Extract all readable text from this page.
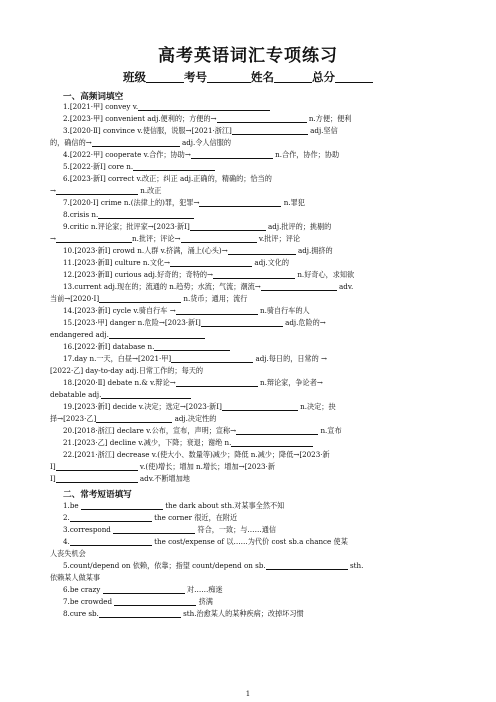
高考英语词汇专项练习
班级	考号	姓名	总分
一、高频词填空
1.[2021·甲] convey v.
2.[2023·甲] convenient adj.便利的；方便的→	n.方便；便利
3.[2020·Ⅱ] convince v.使信服，说服→[2021·浙江]	adj.坚信
的，确信的→	adj.令人信服的
4.[2022·甲] cooperate v.合作；协助→	n.合作，协作；协助
5.[2022·新Ⅰ] core n.
6.[2023·新Ⅰ] correct v.改正；纠正 adj.正确的，精确的；恰当的
→	n.改正
7.[2020·Ⅰ] crime n.(法律上的)罪，犯罪→	n.罪犯
8.crisis n.
9.critic n.评论家；批评家→[2023·新Ⅰ]	adj.批评的；挑剔的
→	n.批评；评论→	v.批评；评论
10.[2023·新Ⅰ] crowd n.人群 v.挤满，涌上(心头)→	adj.拥挤的
11.[2023·新Ⅱ] culture n.文化→	adj.文化的
12.[2023·新Ⅱ] curious adj.好奇的；奇特的→	n.好奇心，求知欲
13.current adj.现在的；流通的 n.趋势；水流；气流；潮流→	adv.
当前→[2020·Ⅰ]	n.货币；通用；流行
14.[2023·新Ⅰ] cycle v.骑自行车 →	n.骑自行车的人
15.[2023·甲] danger n.危险→[2023·新Ⅰ]	adj.危险的→
endangered adj.
16.[2022·新Ⅰ] database n.
17.day n.一天，白昼→[2021·甲]	adj.每日的，日常的 →
[2022·乙] day-to-day adj.日常工作的；每天的
18.[2020·Ⅱ] debate n.& v.辩论→	n.辩论家，争论者→
debatable adj.
19.[2023·新Ⅰ] decide v.决定；选定→[2023·新Ⅰ]	n.决定；抉
择→[2023·乙]	adj.决定性的
20.[2018·浙江] declare v.公布，宣布，声明；宣称→	n.宣布
21.[2023·乙] decline v.减少，下降；衰退；谢绝 n.
22.[2021·浙江] decrease v.(使大小、数量等)减少；降低 n.减少；降低→[2023·新
Ⅰ]	v.(使)增长；增加 n.增长；增加→[2023·新
Ⅰ]	adv.不断增加地
二、常考短语填写
1.be	the dark about sth.对某事全然不知
2.	the corner 很近，在附近
3.correspond	符合，一致；与……通信
4.	the cost/expense of 以……为代价 cost sb.a chance 使某
人丧失机会
5.count/depend on 依赖，依靠；指望 count/depend on sb.	sth.
依赖某人做某事
6.be crazy	对……痴迷
7.be crowded	挤满
8.cure sb.	sth.治愈某人的某种疾病；改掉坏习惯
1
